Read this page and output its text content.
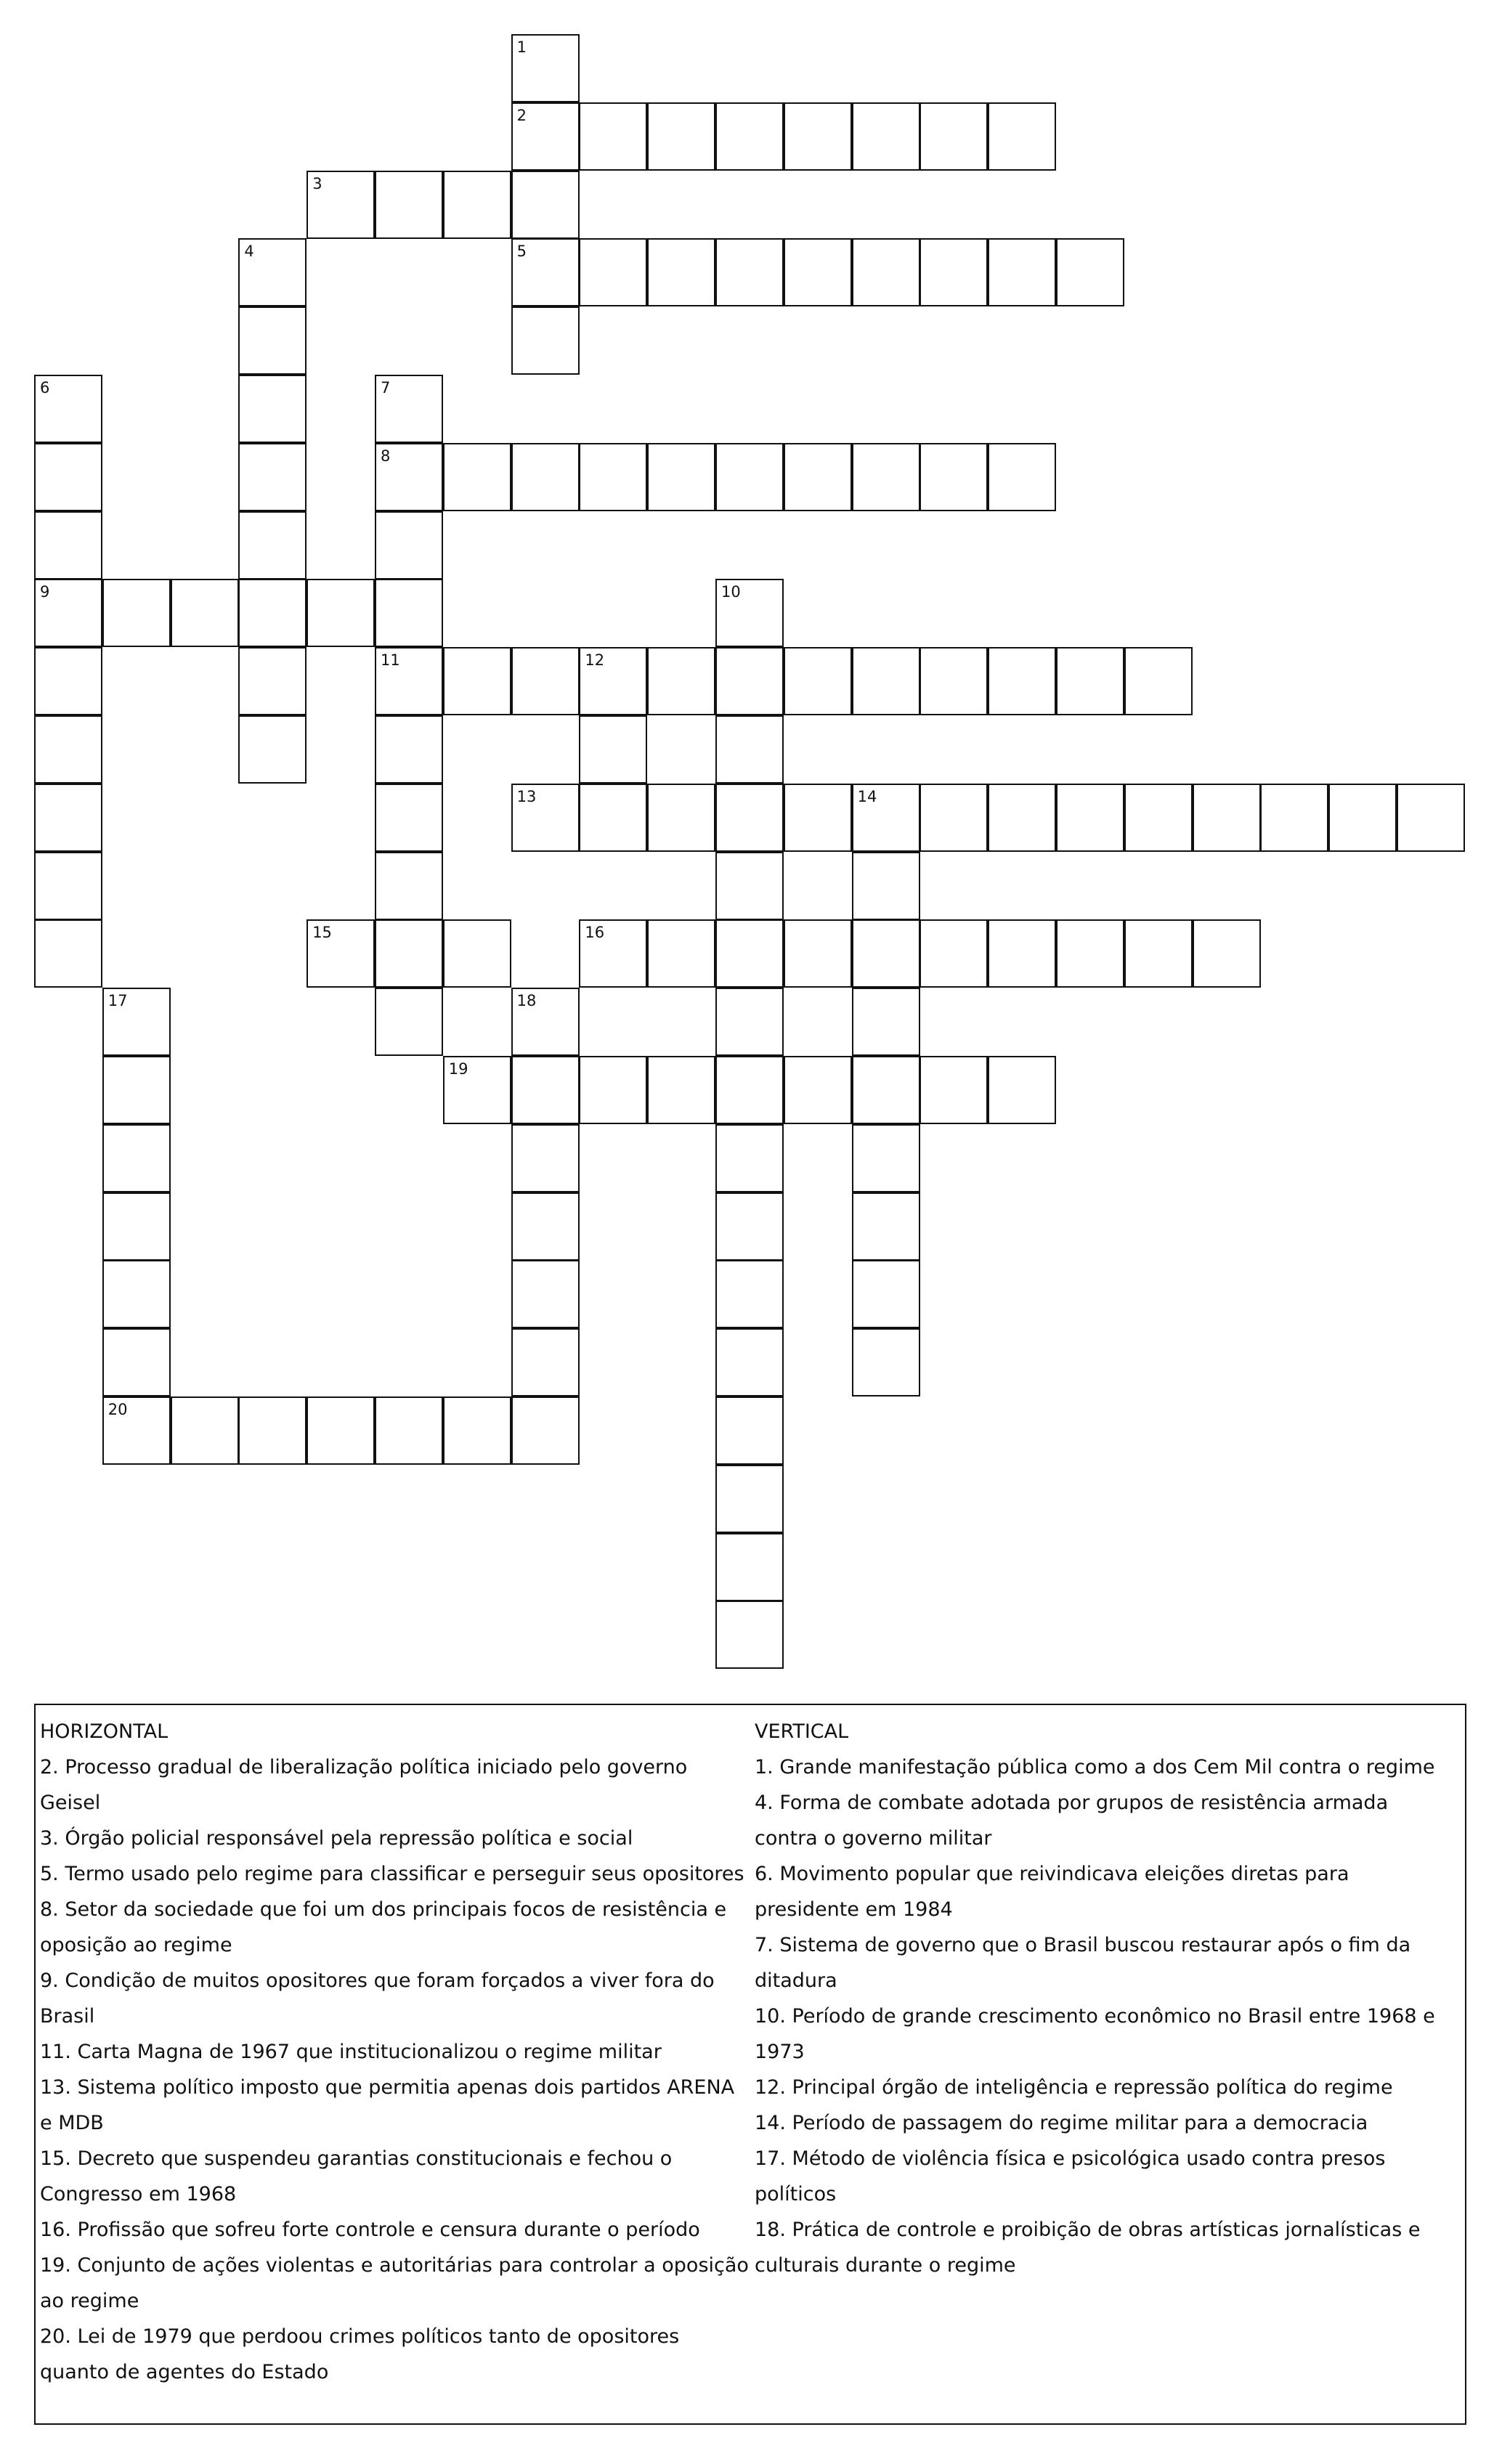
1
2
5
3
4
6
9
7
8
11
10
12
13	14
15	16
17
20
18
19
HORIZONTAL
2. Processo gradual de liberalização política iniciado pelo governo Geisel
3. Órgão policial responsável pela repressão política e social
5. Termo usado pelo regime para classificar e perseguir seus opositores
8. Setor da sociedade que foi um dos principais focos de resistência e oposição ao regime
9. Condição de muitos opositores que foram forçados a viver fora do Brasil
11. Carta Magna de 1967 que institucionalizou o regime militar
13. Sistema político imposto que permitia apenas dois partidos ARENA e MDB
15. Decreto que suspendeu garantias constitucionais e fechou o Congresso em 1968
16. Profissão que sofreu forte controle e censura durante o período
19. Conjunto de ações violentas e autoritárias para controlar a oposição ao regime
20. Lei de 1979 que perdoou crimes políticos tanto de opositores quanto de agentes do Estado
VERTICAL
1. Grande manifestação pública como a dos Cem Mil contra o regime
4. Forma de combate adotada por grupos de resistência armada contra o governo militar
6. Movimento popular que reivindicava eleições diretas para presidente em 1984
7. Sistema de governo que o Brasil buscou restaurar após o fim da ditadura
10. Período de grande crescimento econômico no Brasil entre 1968 e 1973
12. Principal órgão de inteligência e repressão política do regime
14. Período de passagem do regime militar para a democracia
17. Método de violência física e psicológica usado contra presos políticos
18. Prática de controle e proibição de obras artísticas jornalísticas e culturais durante o regime
